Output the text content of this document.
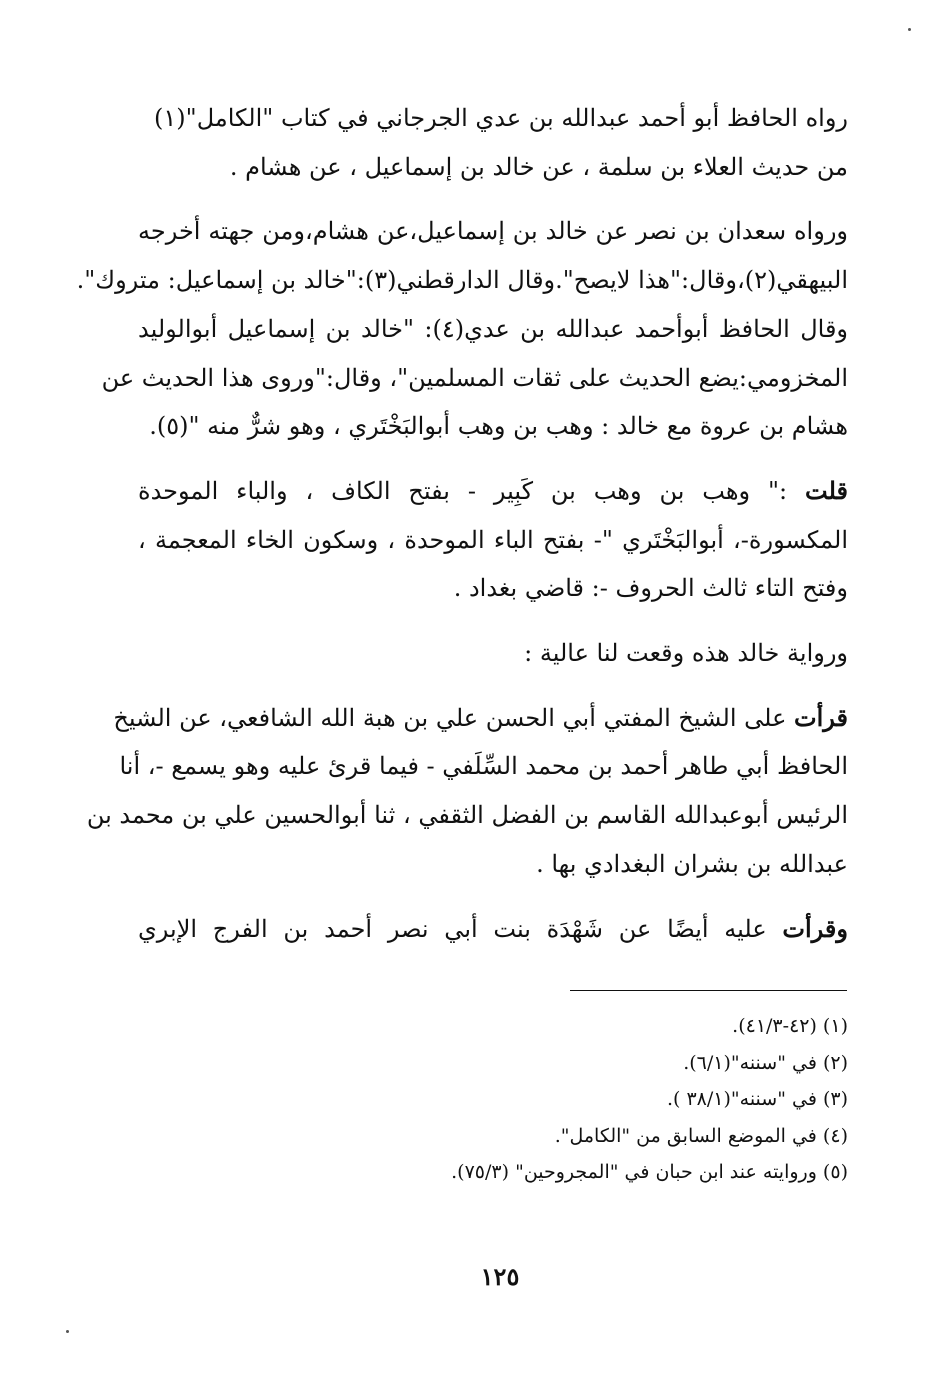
رواه الحافظ أبو أحمد عبدالله بن عدي الجرجاني في كتاب "الكامل"(١)
من حديث العلاء بن سلمة ، عن خالد بن إسماعيل ، عن هشام .
ورواه سعدان بن نصر عن خالد بن إسماعيل،عن هشام،ومن جهته أخرجه
البيهقي(٢)،وقال:"هذا لايصح".وقال الدارقطني(٣):"خالد بن إسماعيل: متروك".
وقال الحافظ أبوأحمد عبدالله بن عدي(٤): "خالد بن إسماعيل أبوالوليد
المخزومي:يضع الحديث على ثقات المسلمين"، وقال:"وروى هذا الحديث عن
هشام بن عروة مع خالد : وهب بن وهب أبوالبَخْتَري ، وهو شرٌّ منه "(٥).
قلت :" وهب بن وهب بن كَبِير - بفتح الكاف ، والباء الموحدة
المكسورة-، أبوالبَخْتَري "- بفتح الباء الموحدة ، وسكون الخاء المعجمة ،
وفتح التاء ثالث الحروف -: قاضي بغداد .
ورواية خالد هذه وقعت لنا عالية :
قرأت على الشيخ المفتي أبي الحسن علي بن هبة الله الشافعي، عن الشيخ
الحافظ أبي طاهر أحمد بن محمد السِّلَفي - فيما قرئ عليه وهو يسمع -، أنا
الرئيس أبوعبدالله القاسم بن الفضل الثقفي ، ثنا أبوالحسين علي بن محمد بن
عبدالله بن بشران البغدادي بها .
وقرأت عليه أيضًا عن شَهْدَة بنت أبي نصر أحمد بن الفرج الإبري
(١) (٤٢-٤١/٣).
(٢) في "سننه"(٦/١).
(٣) في "سننه"(٣٨/١ ).
(٤) في الموضع السابق من "الكامل".
(٥) وروايته عند ابن حبان في "المجروحين" (٧٥/٣).
١٢٥
